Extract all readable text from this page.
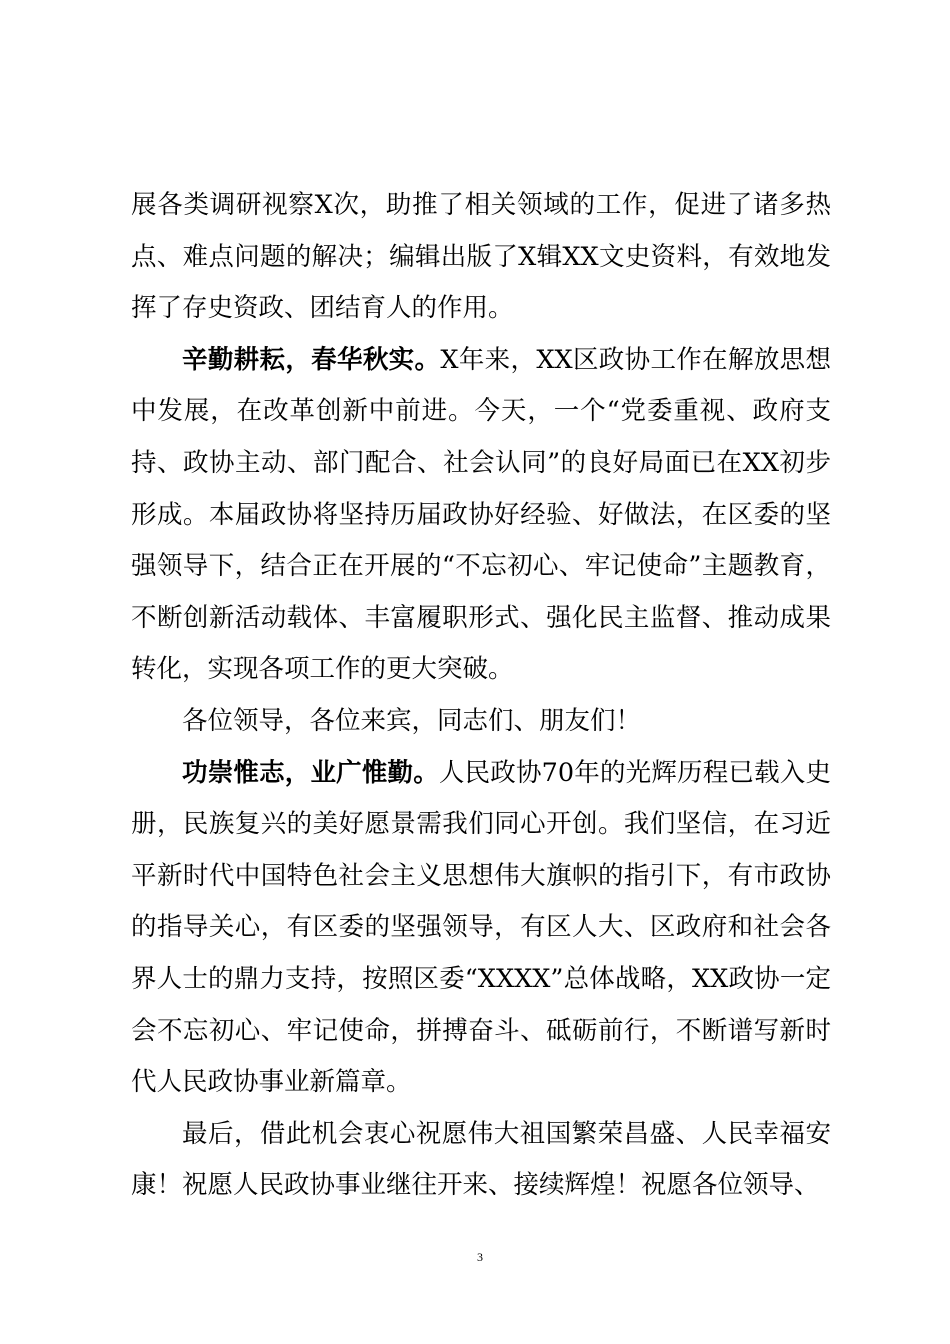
展各类调研视察X次，助推了相关领域的工作，促进了诸多热点、难点问题的解决；编辑出版了X辑XX文史资料，有效地发挥了存史资政、团结育人的作用。

辛勤耕耘，春华秋实。X年来，XX区政协工作在解放思想中发展，在改革创新中前进。今天，一个“党委重视、政府支持、政协主动、部门配合、社会认同”的良好局面已在XX初步形成。本届政协将坚持历届政协好经验、好做法，在区委的坚强领导下，结合正在开展的“不忘初心、牢记使命”主题教育，不断创新活动载体、丰富履职形式、强化民主监督、推动成果转化，实现各项工作的更大突破。

各位领导，各位来宾，同志们、朋友们！

功崇惟志，业广惟勤。人民政协70年的光辉历程已载入史册，民族复兴的美好愿景需我们同心开创。我们坚信，在习近平新时代中国特色社会主义思想伟大旗帜的指引下，有市政协的指导关心，有区委的坚强领导，有区人大、区政府和社会各界人士的鼎力支持，按照区委“XXXX”总体战略，XX政协一定会不忘初心、牢记使命，拼搏奋斗、砥砺前行，不断谱写新时代人民政协事业新篇章。

最后，借此机会衷心祝愿伟大祖国繁荣昌盛、人民幸福安康！祝愿人民政协事业继往开来、接续辉煌！祝愿各位领导、

3
